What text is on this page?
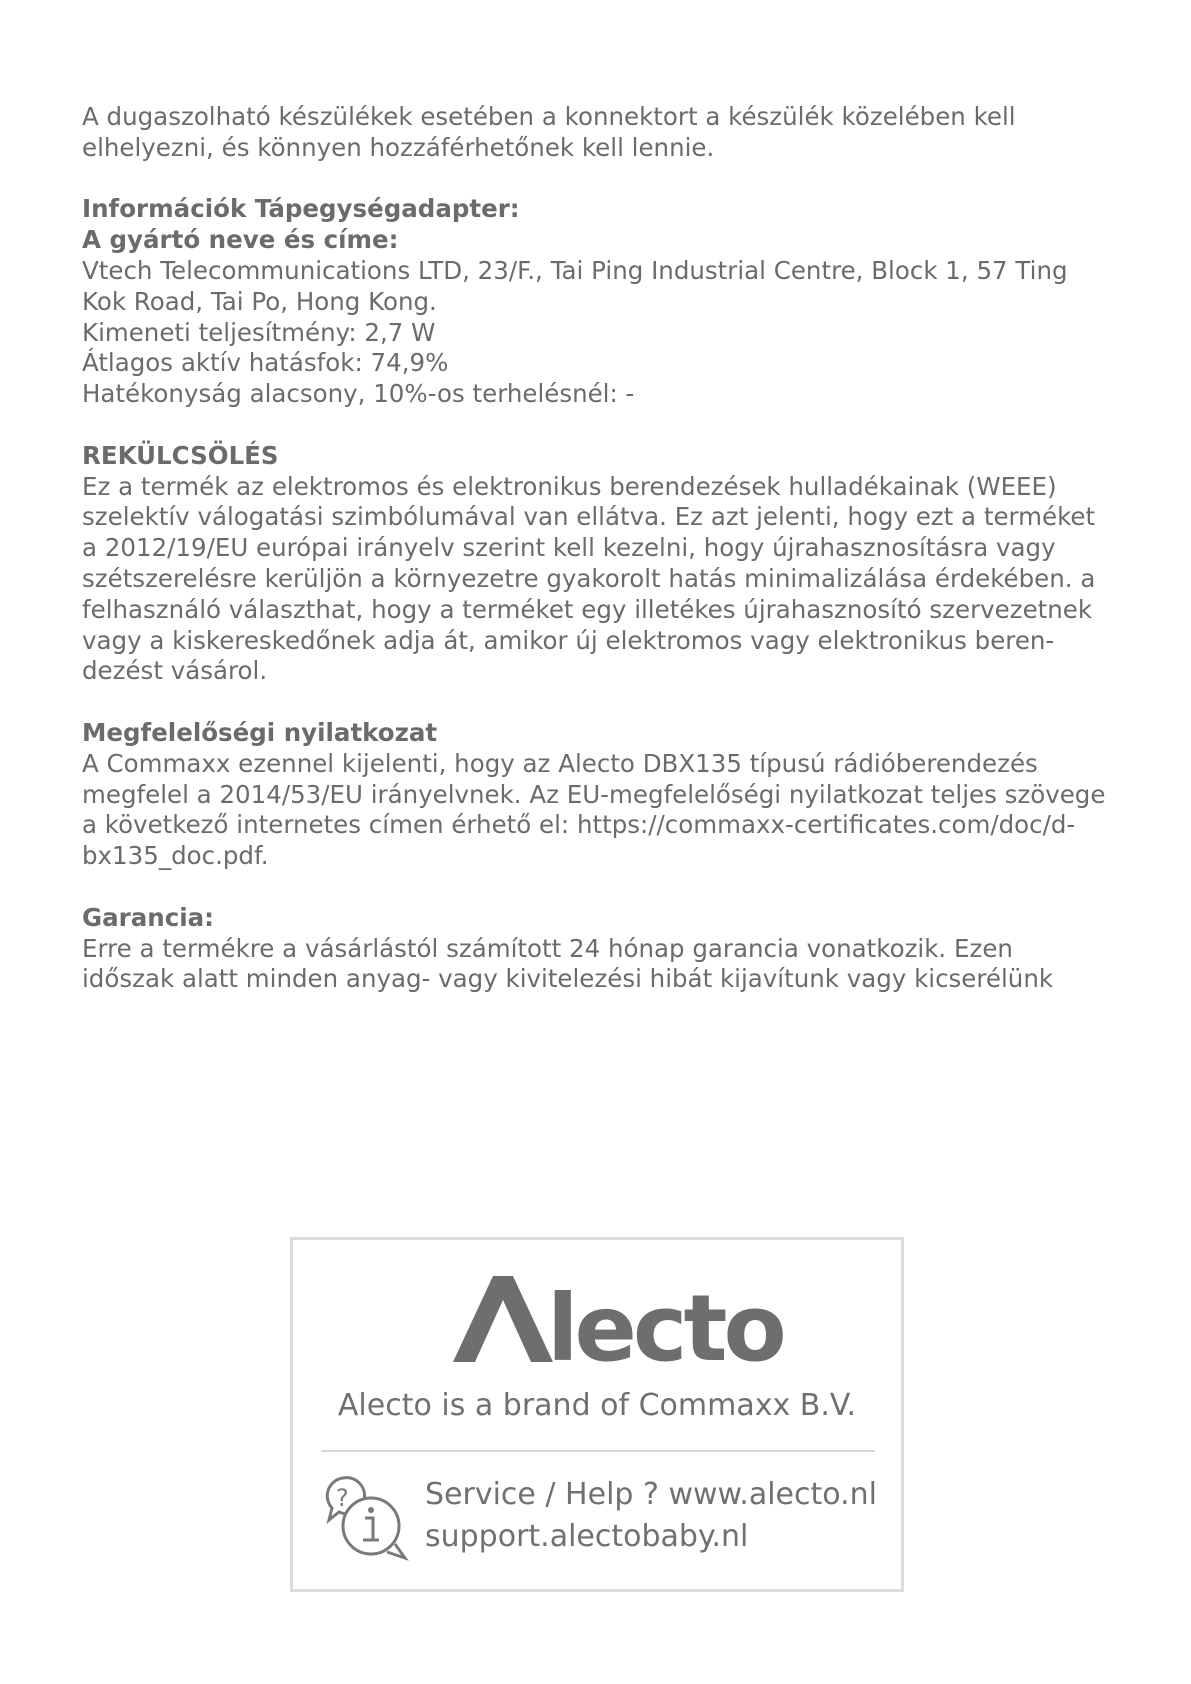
A dugaszolható készülékek esetében a konnektort a készülék közelében kell
elhelyezni, és könnyen hozzáférhetőnek kell lennie.

Információk Tápegységadapter:
A gyártó neve és címe:
Vtech Telecommunications LTD, 23/F., Tai Ping Industrial Centre, Block 1, 57 Ting
Kok Road, Tai Po, Hong Kong.
Kimeneti teljesítmény: 2,7 W
Átlagos aktív hatásfok: 74,9%
Hatékonyság alacsony, 10%-os terhelésnél: -

REKÜLCSÖLÉS
Ez a termék az elektromos és elektronikus berendezések hulladékainak (WEEE)
szelektív válogatási szimbólumával van ellátva. Ez azt jelenti, hogy ezt a terméket
a 2012/19/EU európai irányelv szerint kell kezelni, hogy újrahasznosításra vagy
szétszerelésre kerüljön a környezetre gyakorolt hatás minimalizálása érdekében. a
felhasználó választhat, hogy a terméket egy illetékes újrahasznosító szervezetnek
vagy a kiskereskedőnek adja át, amikor új elektromos vagy elektronikus beren-
dezést vásárol.

Megfelelőségi nyilatkozat
A Commaxx ezennel kijelenti, hogy az Alecto DBX135 típusú rádióberendezés
megfelel a 2014/53/EU irányelvnek. Az EU-megfelelőségi nyilatkozat teljes szövege
a következő internetes címen érhető el: https://commaxx-certificates.com/doc/d-
bx135_doc.pdf.

Garancia:
Erre a termékre a vásárlástól számított 24 hónap garancia vonatkozik. Ezen
időszak alatt minden anyag- vagy kivitelezési hibát kijavítunk vagy kicserélünk

lecto
Alecto is a brand of Commaxx B.V.
?	Service / Help ? www.alecto.nl
support.alectobaby.nl
